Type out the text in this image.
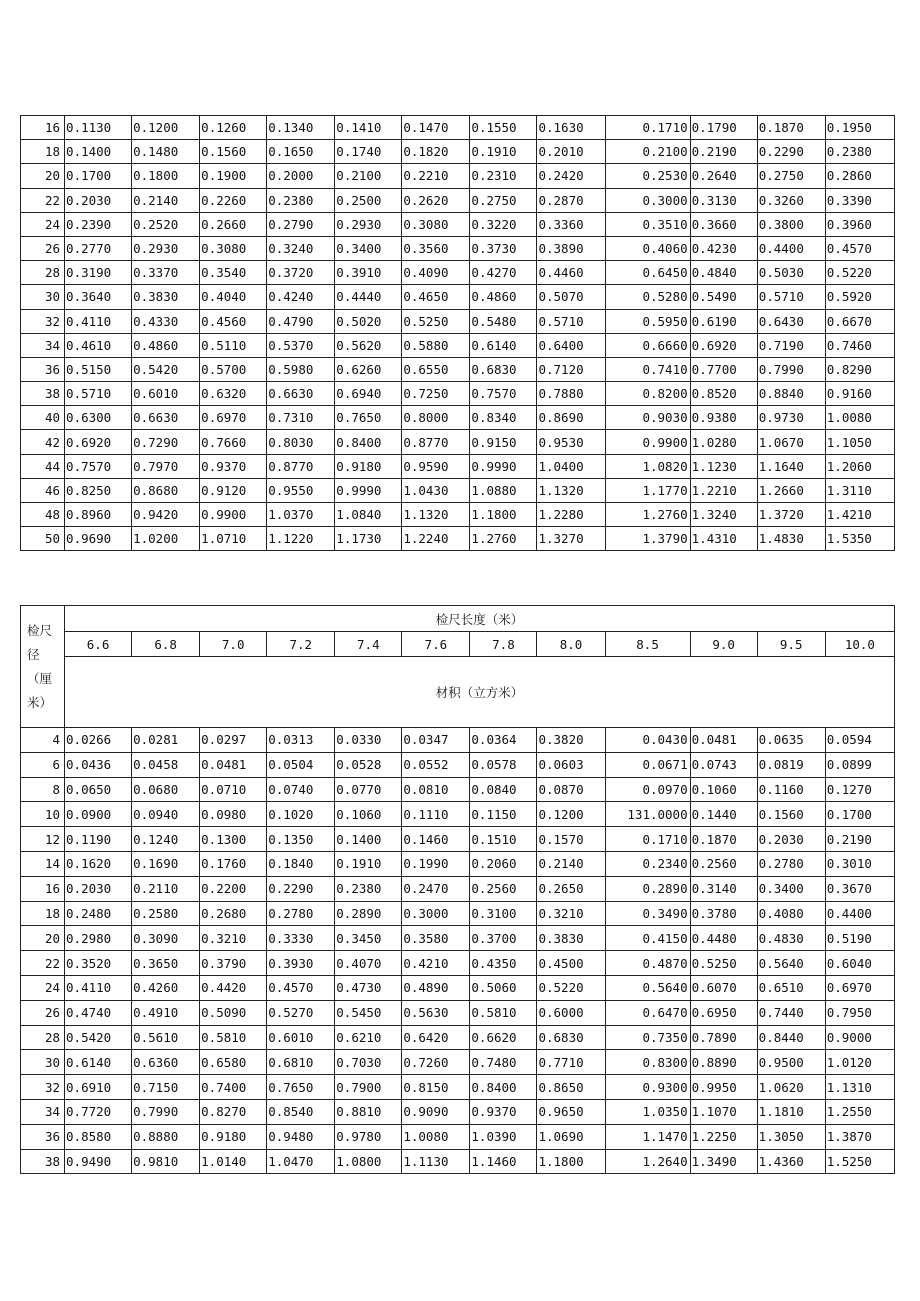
16	0.1130	0.1200	0.1260	0.1340	0.1410	0.1470	0.1550	0.1630	0.1710	0.1790	0.1870	0.1950
18	0.1400	0.1480	0.1560	0.1650	0.1740	0.1820	0.1910	0.2010	0.2100	0.2190	0.2290	0.2380
20	0.1700	0.1800	0.1900	0.2000	0.2100	0.2210	0.2310	0.2420	0.2530	0.2640	0.2750	0.2860
22	0.2030	0.2140	0.2260	0.2380	0.2500	0.2620	0.2750	0.2870	0.3000	0.3130	0.3260	0.3390
24	0.2390	0.2520	0.2660	0.2790	0.2930	0.3080	0.3220	0.3360	0.3510	0.3660	0.3800	0.3960
26	0.2770	0.2930	0.3080	0.3240	0.3400	0.3560	0.3730	0.3890	0.4060	0.4230	0.4400	0.4570
28	0.3190	0.3370	0.3540	0.3720	0.3910	0.4090	0.4270	0.4460	0.6450	0.4840	0.5030	0.5220
30	0.3640	0.3830	0.4040	0.4240	0.4440	0.4650	0.4860	0.5070	0.5280	0.5490	0.5710	0.5920
32	0.4110	0.4330	0.4560	0.4790	0.5020	0.5250	0.5480	0.5710	0.5950	0.6190	0.6430	0.6670
34	0.4610	0.4860	0.5110	0.5370	0.5620	0.5880	0.6140	0.6400	0.6660	0.6920	0.7190	0.7460
36	0.5150	0.5420	0.5700	0.5980	0.6260	0.6550	0.6830	0.7120	0.7410	0.7700	0.7990	0.8290
38	0.5710	0.6010	0.6320	0.6630	0.6940	0.7250	0.7570	0.7880	0.8200	0.8520	0.8840	0.9160
40	0.6300	0.6630	0.6970	0.7310	0.7650	0.8000	0.8340	0.8690	0.9030	0.9380	0.9730	1.0080
42	0.6920	0.7290	0.7660	0.8030	0.8400	0.8770	0.9150	0.9530	0.9900	1.0280	1.0670	1.1050
44	0.7570	0.7970	0.9370	0.8770	0.9180	0.9590	0.9990	1.0400	1.0820	1.1230	1.1640	1.2060
46	0.8250	0.8680	0.9120	0.9550	0.9990	1.0430	1.0880	1.1320	1.1770	1.2210	1.2660	1.3110
48	0.8960	0.9420	0.9900	1.0370	1.0840	1.1320	1.1800	1.2280	1.2760	1.3240	1.3720	1.4210
50	0.9690	1.0200	1.0710	1.1220	1.1730	1.2240	1.2760	1.3270	1.3790	1.4310	1.4830	1.5350
检尺径（厘米）	检尺长度（米）											
	6.6	6.8	7.0	7.2	7.4	7.6	7.8	8.0	8.5	9.0	9.5	10.0
	材积（立方米）											
4	0.0266	0.0281	0.0297	0.0313	0.0330	0.0347	0.0364	0.3820	0.0430	0.0481	0.0635	0.0594
6	0.0436	0.0458	0.0481	0.0504	0.0528	0.0552	0.0578	0.0603	0.0671	0.0743	0.0819	0.0899
8	0.0650	0.0680	0.0710	0.0740	0.0770	0.0810	0.0840	0.0870	0.0970	0.1060	0.1160	0.1270
10	0.0900	0.0940	0.0980	0.1020	0.1060	0.1110	0.1150	0.1200	131.0000	0.1440	0.1560	0.1700
12	0.1190	0.1240	0.1300	0.1350	0.1400	0.1460	0.1510	0.1570	0.1710	0.1870	0.2030	0.2190
14	0.1620	0.1690	0.1760	0.1840	0.1910	0.1990	0.2060	0.2140	0.2340	0.2560	0.2780	0.3010
16	0.2030	0.2110	0.2200	0.2290	0.2380	0.2470	0.2560	0.2650	0.2890	0.3140	0.3400	0.3670
18	0.2480	0.2580	0.2680	0.2780	0.2890	0.3000	0.3100	0.3210	0.3490	0.3780	0.4080	0.4400
20	0.2980	0.3090	0.3210	0.3330	0.3450	0.3580	0.3700	0.3830	0.4150	0.4480	0.4830	0.5190
22	0.3520	0.3650	0.3790	0.3930	0.4070	0.4210	0.4350	0.4500	0.4870	0.5250	0.5640	0.6040
24	0.4110	0.4260	0.4420	0.4570	0.4730	0.4890	0.5060	0.5220	0.5640	0.6070	0.6510	0.6970
26	0.4740	0.4910	0.5090	0.5270	0.5450	0.5630	0.5810	0.6000	0.6470	0.6950	0.7440	0.7950
28	0.5420	0.5610	0.5810	0.6010	0.6210	0.6420	0.6620	0.6830	0.7350	0.7890	0.8440	0.9000
30	0.6140	0.6360	0.6580	0.6810	0.7030	0.7260	0.7480	0.7710	0.8300	0.8890	0.9500	1.0120
32	0.6910	0.7150	0.7400	0.7650	0.7900	0.8150	0.8400	0.8650	0.9300	0.9950	1.0620	1.1310
34	0.7720	0.7990	0.8270	0.8540	0.8810	0.9090	0.9370	0.9650	1.0350	1.1070	1.1810	1.2550
36	0.8580	0.8880	0.9180	0.9480	0.9780	1.0080	1.0390	1.0690	1.1470	1.2250	1.3050	1.3870
38	0.9490	0.9810	1.0140	1.0470	1.0800	1.1130	1.1460	1.1800	1.2640	1.3490	1.4360	1.5250
